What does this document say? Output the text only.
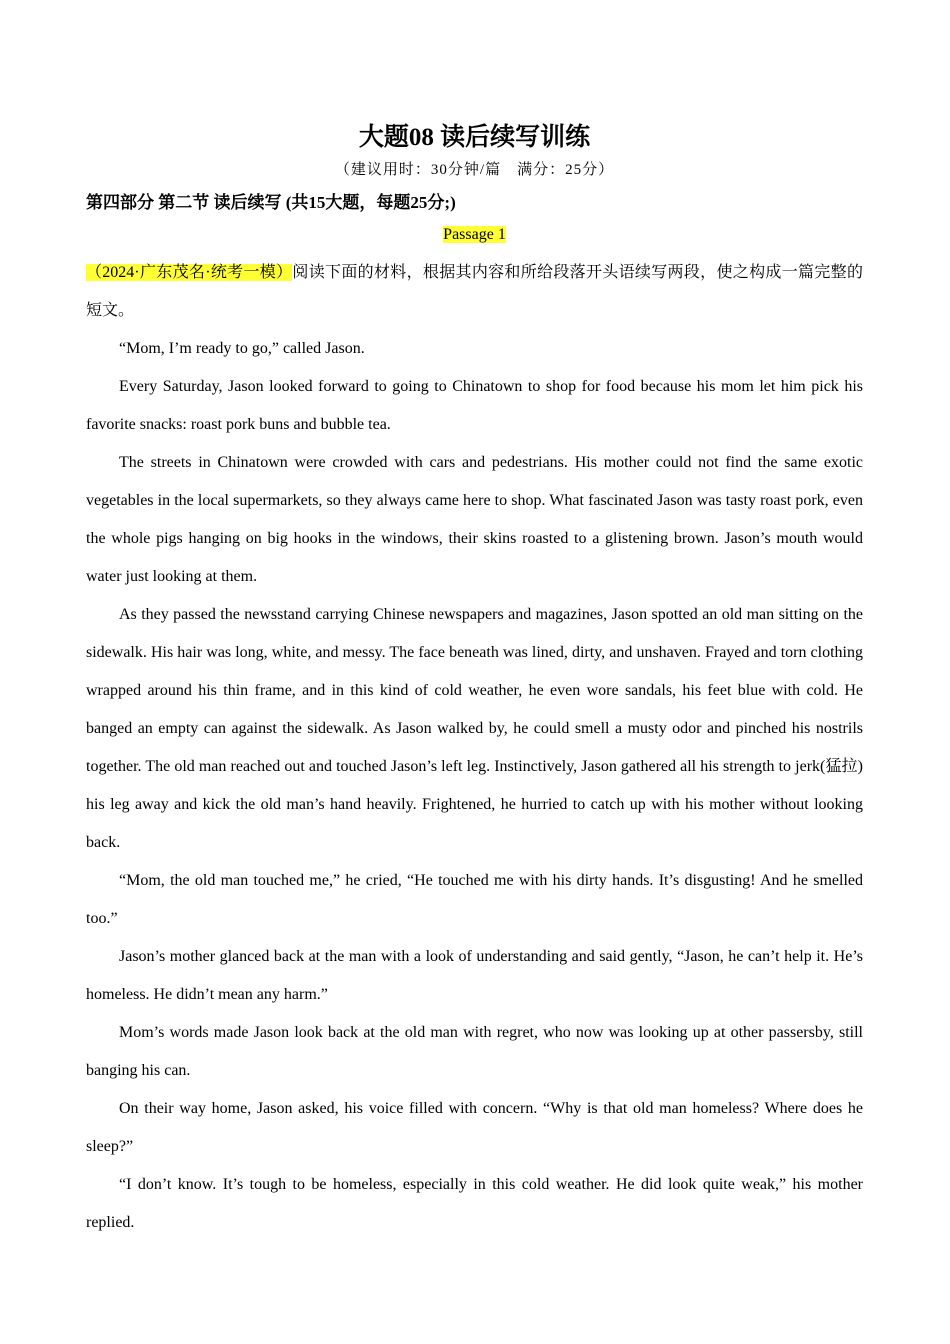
大题08 读后续写训练

（建议用时：30分钟/篇　满分：25分）

第四部分 第二节 读后续写 (共15大题，每题25分;)

Passage 1

（2024·广东茂名·统考一模）阅读下面的材料，根据其内容和所给段落开头语续写两段，使之构成一篇完整的短文。

“Mom, I’m ready to go,” called Jason.

Every Saturday, Jason looked forward to going to Chinatown to shop for food because his mom let him pick his favorite snacks: roast pork buns and bubble tea.

The streets in Chinatown were crowded with cars and pedestrians. His mother could not find the same exotic vegetables in the local supermarkets, so they always came here to shop. What fascinated Jason was tasty roast pork, even the whole pigs hanging on big hooks in the windows, their skins roasted to a glistening brown. Jason’s mouth would water just looking at them.

As they passed the newsstand carrying Chinese newspapers and magazines, Jason spotted an old man sitting on the sidewalk. His hair was long, white, and messy. The face beneath was lined, dirty, and unshaven. Frayed and torn clothing wrapped around his thin frame, and in this kind of cold weather, he even wore sandals, his feet blue with cold. He banged an empty can against the sidewalk. As Jason walked by, he could smell a musty odor and pinched his nostrils together. The old man reached out and touched Jason’s left leg. Instinctively, Jason gathered all his strength to jerk(猛拉) his leg away and kick the old man’s hand heavily. Frightened, he hurried to catch up with his mother without looking back.

“Mom, the old man touched me,” he cried, “He touched me with his dirty hands. It’s disgusting! And he smelled too.”

Jason’s mother glanced back at the man with a look of understanding and said gently, “Jason, he can’t help it. He’s homeless. He didn’t mean any harm.”

Mom’s words made Jason look back at the old man with regret, who now was looking up at other passersby, still banging his can.

On their way home, Jason asked, his voice filled with concern. “Why is that old man homeless? Where does he sleep?”

“I don’t know. It’s tough to be homeless, especially in this cold weather. He did look quite weak,” his mother replied.
